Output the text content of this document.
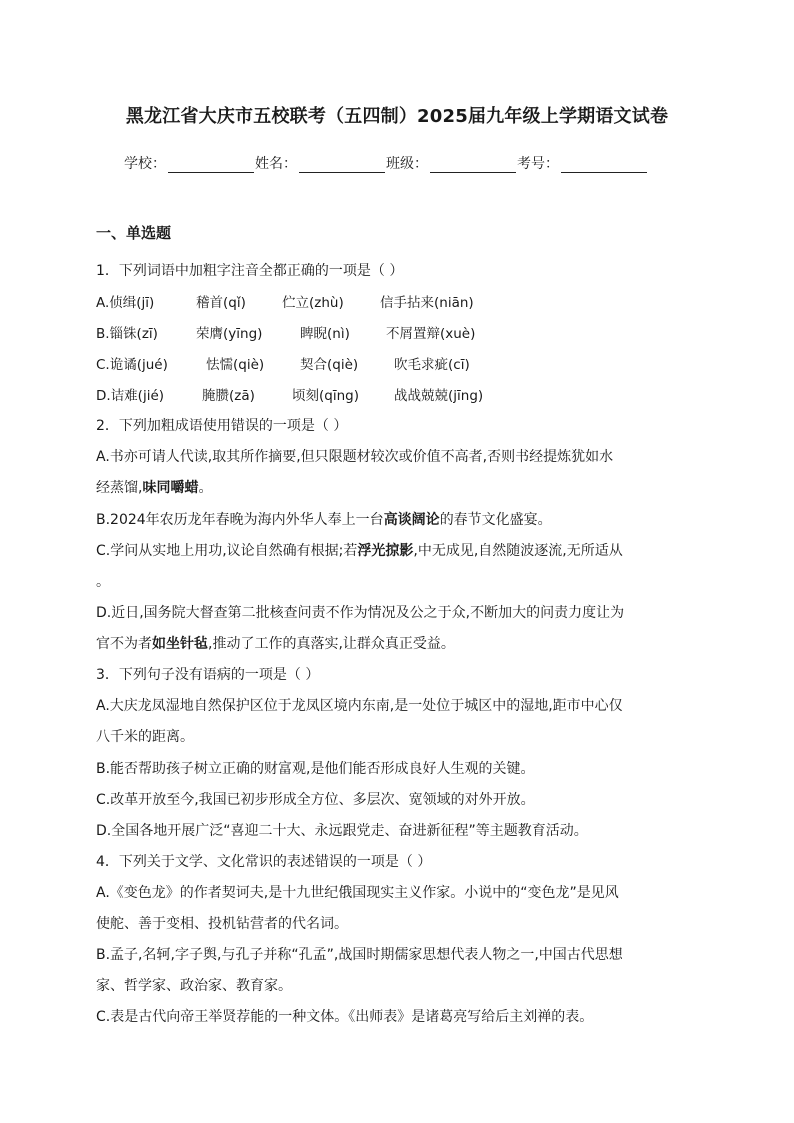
黑龙江省大庆市五校联考（五四制）2025届九年级上学期语文试卷
学校：	姓名：	班级：	考号：
一、单选题
1．下列词语中加粗字注音全都正确的一项是（ ）
A.侦缉(jī)	稽首(qǐ)	伫立(zhù)	信手拈来(niān)
B.锱铢(zī)	荣膺(yīng)	睥睨(nì)	不屑置辩(xuè)
C.诡谲(jué)	怯懦(qiè)	契合(qiè)	吹毛求疵(cī)
D.诘难(jié)	腌臜(zā)	顷刻(qīng)	战战兢兢(jīng)
2．下列加粗成语使用错误的一项是（ ）
A.书亦可请人代读,取其所作摘要,但只限题材较次或价值不高者,否则书经提炼犹如水
经蒸馏,味同嚼蜡。
B.2024年农历龙年春晚为海内外华人奉上一台高谈阔论的春节文化盛宴。
C.学问从实地上用功,议论自然确有根据;若浮光掠影,中无成见,自然随波逐流,无所适从
。
D.近日,国务院大督查第二批核查问责不作为情况及公之于众,不断加大的问责力度让为
官不为者如坐针毡,推动了工作的真落实,让群众真正受益。
3．下列句子没有语病的一项是（ ）
A.大庆龙凤湿地自然保护区位于龙凤区境内东南,是一处位于城区中的湿地,距市中心仅
八千米的距离。
B.能否帮助孩子树立正确的财富观,是他们能否形成良好人生观的关键。
C.改革开放至今,我国已初步形成全方位、多层次、宽领域的对外开放。
D.全国各地开展广泛“喜迎二十大、永远跟党走、奋进新征程”等主题教育活动。
4．下列关于文学、文化常识的表述错误的一项是（ ）
A.《变色龙》的作者契诃夫,是十九世纪俄国现实主义作家。小说中的“变色龙”是见风
使舵、善于变相、投机钻营者的代名词。
B.孟子,名轲,字子舆,与孔子并称“孔孟”,战国时期儒家思想代表人物之一,中国古代思想
家、哲学家、政治家、教育家。
C.表是古代向帝王举贤荐能的一种文体。《出师表》是诸葛亮写给后主刘禅的表。
